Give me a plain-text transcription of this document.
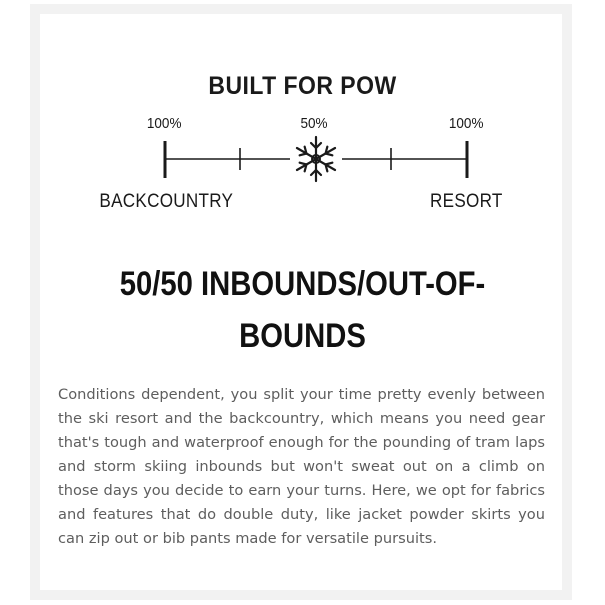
BUILT FOR POW
100%	50%	100%
BACKCOUNTRY	RESORT
50/50 INBOUNDS/OUT-OF-
BOUNDS
Conditions dependent, you split your time pretty evenly between the ski resort and the backcountry, which means you need gear that's tough and waterproof enough for the pounding of tram laps and storm skiing inbounds but won't sweat out on a climb on those days you decide to earn your turns. Here, we opt for fabrics and features that do double duty, like jacket powder skirts you can zip out or bib pants made for versatile pursuits.
